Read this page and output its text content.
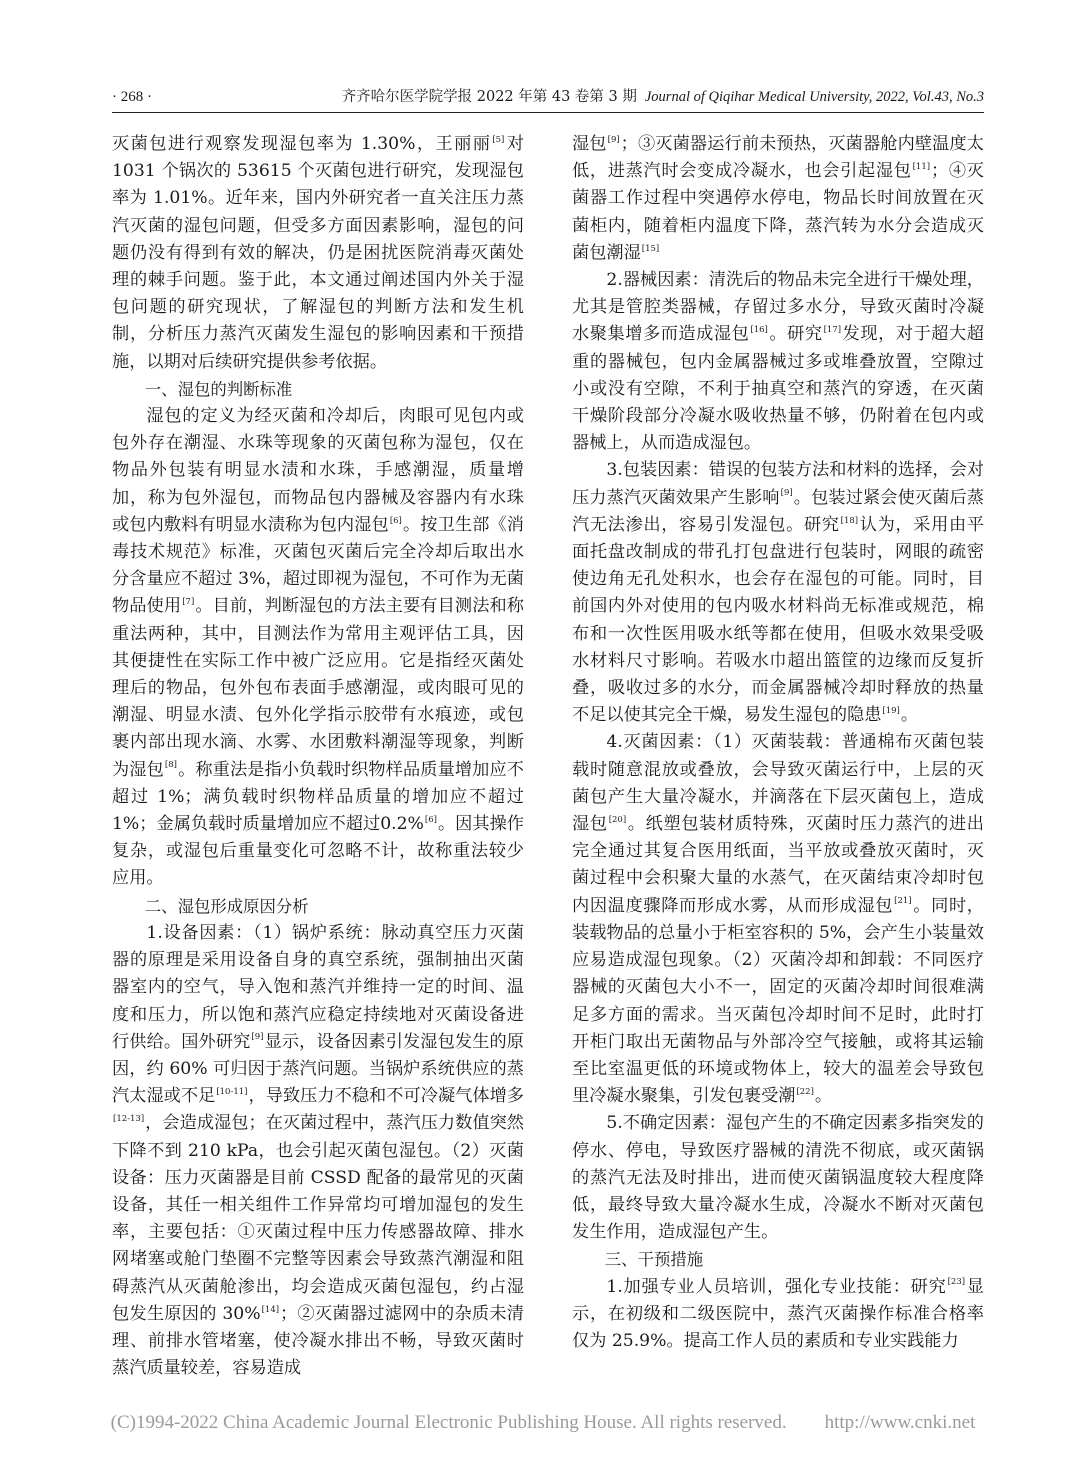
· 268 ·	齐齐哈尔医学院学报 2022 年第 43 卷第 3 期 Journal of Qiqihar Medical University, 2022, Vol.43, No.3

灭菌包进行观察发现湿包率为 1.30%，王丽丽[5]对1031 个锅次的 53615 个灭菌包进行研究，发现湿包率为 1.01%。近年来，国内外研究者一直关注压力蒸汽灭菌的湿包问题，但受多方面因素影响，湿包的问题仍没有得到有效的解决，仍是困扰医院消毒灭菌处理的棘手问题。鉴于此，本文通过阐述国内外关于湿包问题的研究现状，了解湿包的判断方法和发生机制，分析压力蒸汽灭菌发生湿包的影响因素和干预措施，以期对后续研究提供参考依据。

一、湿包的判断标准

湿包的定义为经灭菌和冷却后，肉眼可见包内或包外存在潮湿、水珠等现象的灭菌包称为湿包，仅在物品外包装有明显水渍和水珠，手感潮湿，质量增加，称为包外湿包，而物品包内器械及容器内有水珠或包内敷料有明显水渍称为包内湿包[6]。按卫生部《消毒技术规范》标准，灭菌包灭菌后完全冷却后取出水分含量应不超过 3%，超过即视为湿包，不可作为无菌物品使用[7]。目前，判断湿包的方法主要有目测法和称重法两种，其中，目测法作为常用主观评估工具，因其便捷性在实际工作中被广泛应用。它是指经灭菌处理后的物品，包外包布表面手感潮湿，或肉眼可见的潮湿、明显水渍、包外化学指示胶带有水痕迹，或包裹内部出现水滴、水雾、水团敷料潮湿等现象，判断为湿包[8]。称重法是指小负载时织物样品质量增加应不超过 1%；满负载时织物样品质量的增加应不超过 1%；金属负载时质量增加应不超过0.2%[6]。因其操作复杂，或湿包后重量变化可忽略不计，故称重法较少应用。

二、湿包形成原因分析

1.设备因素：（1）锅炉系统：脉动真空压力灭菌器的原理是采用设备自身的真空系统，强制抽出灭菌器室内的空气，导入饱和蒸汽并维持一定的时间、温度和压力，所以饱和蒸汽应稳定持续地对灭菌设备进行供给。国外研究[9]显示，设备因素引发湿包发生的原因，约 60% 可归因于蒸汽问题。当锅炉系统供应的蒸汽太湿或不足[10-11]，导致压力不稳和不可冷凝气体增多[12-13]，会造成湿包；在灭菌过程中，蒸汽压力数值突然下降不到 210 kPa，也会引起灭菌包湿包。（2）灭菌设备：压力灭菌器是目前 CSSD 配备的最常见的灭菌设备，其任一相关组件工作异常均可增加湿包的发生率，主要包括：①灭菌过程中压力传感器故障、排水网堵塞或舱门垫圈不完整等因素会导致蒸汽潮湿和阻碍蒸汽从灭菌舱渗出，均会造成灭菌包湿包，约占湿包发生原因的 30%[14]；②灭菌器过滤网中的杂质未清理、前排水管堵塞，使冷凝水排出不畅，导致灭菌时蒸汽质量较差，容易造成

湿包[9]；③灭菌器运行前未预热，灭菌器舱内壁温度太低，进蒸汽时会变成冷凝水，也会引起湿包[11]；④灭菌器工作过程中突遇停水停电，物品长时间放置在灭菌柜内，随着柜内温度下降，蒸汽转为水分会造成灭菌包潮湿[15]

2.器械因素：清洗后的物品未完全进行干燥处理，尤其是管腔类器械，存留过多水分，导致灭菌时冷凝水聚集增多而造成湿包[16]。研究[17]发现，对于超大超重的器械包，包内金属器械过多或堆叠放置，空隙过小或没有空隙，不利于抽真空和蒸汽的穿透，在灭菌干燥阶段部分冷凝水吸收热量不够，仍附着在包内或器械上，从而造成湿包。

3.包装因素：错误的包装方法和材料的选择，会对压力蒸汽灭菌效果产生影响[9]。包装过紧会使灭菌后蒸汽无法渗出，容易引发湿包。研究[18]认为，采用由平面托盘改制成的带孔打包盘进行包装时，网眼的疏密使边角无孔处积水，也会存在湿包的可能。同时，目前国内外对使用的包内吸水材料尚无标准或规范，棉布和一次性医用吸水纸等都在使用，但吸水效果受吸水材料尺寸影响。若吸水巾超出篮筐的边缘而反复折叠，吸收过多的水分，而金属器械冷却时释放的热量不足以使其完全干燥，易发生湿包的隐患[19]。

4.灭菌因素：（1）灭菌装载：普通棉布灭菌包装载时随意混放或叠放，会导致灭菌运行中，上层的灭菌包产生大量冷凝水，并滴落在下层灭菌包上，造成湿包[20]。纸塑包装材质特殊，灭菌时压力蒸汽的进出完全通过其复合医用纸面，当平放或叠放灭菌时，灭菌过程中会积聚大量的水蒸气，在灭菌结束冷却时包内因温度骤降而形成水雾，从而形成湿包[21]。同时，装载物品的总量小于柜室容积的 5%，会产生小装量效应易造成湿包现象。（2）灭菌冷却和卸载：不同医疗器械的灭菌包大小不一，固定的灭菌冷却时间很难满足多方面的需求。当灭菌包冷却时间不足时，此时打开柜门取出无菌物品与外部冷空气接触，或将其运输至比室温更低的环境或物体上，较大的温差会导致包里冷凝水聚集，引发包裹受潮[22]。

5.不确定因素：湿包产生的不确定因素多指突发的停水、停电，导致医疗器械的清洗不彻底，或灭菌锅的蒸汽无法及时排出，进而使灭菌锅温度较大程度降低，最终导致大量冷凝水生成，冷凝水不断对灭菌包发生作用，造成湿包产生。

三、干预措施

1.加强专业人员培训，强化专业技能：研究[23]显示，在初级和二级医院中，蒸汽灭菌操作标准合格率仅为 25.9%。提高工作人员的素质和专业实践能力

(C)1994-2022 China Academic Journal Electronic Publishing House. All rights reserved. http://www.cnki.net
